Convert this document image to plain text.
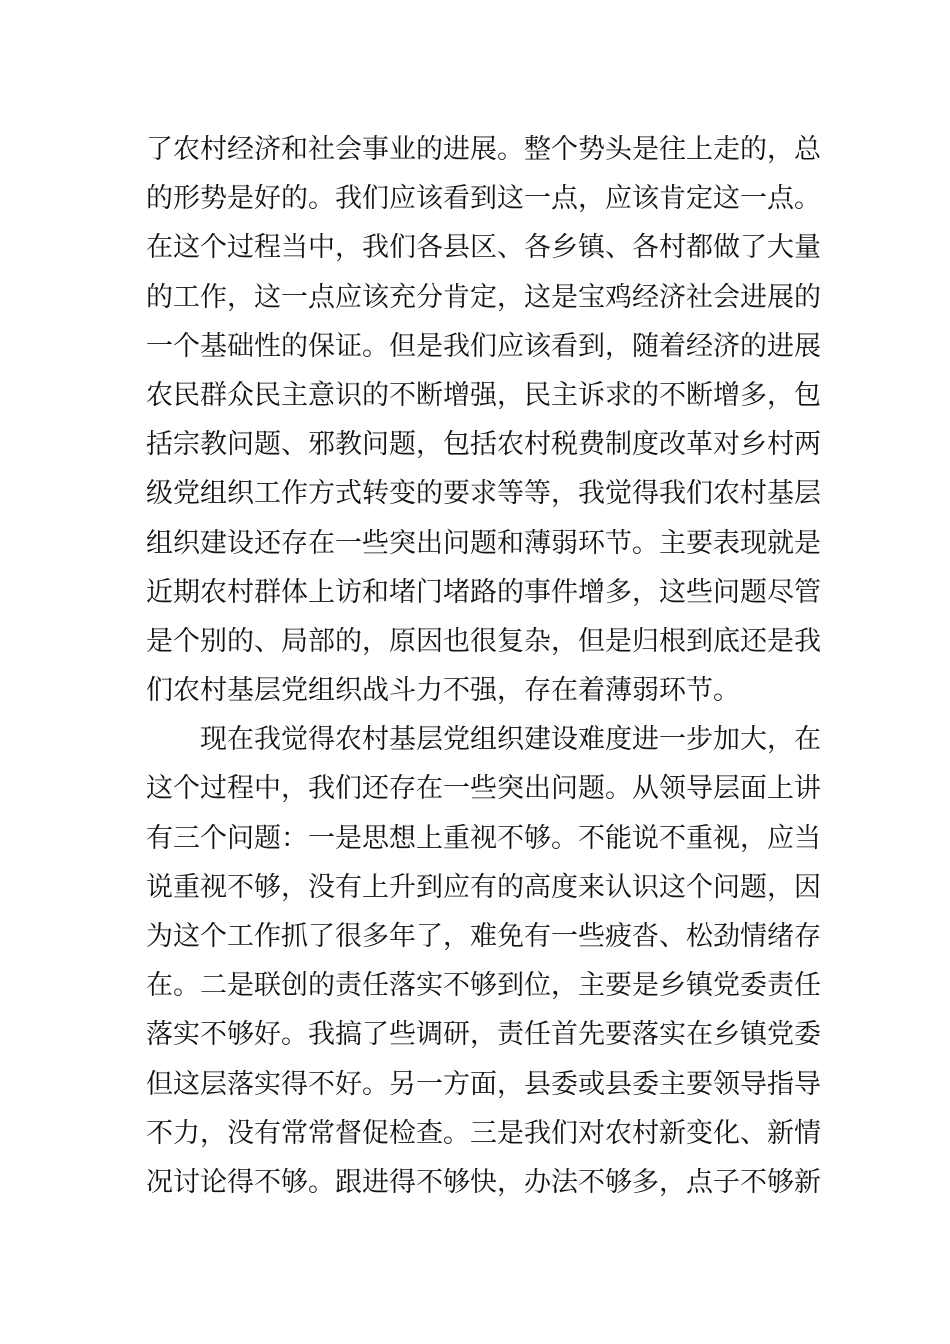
了农村经济和社会事业的进展。整个势头是往上走的，总
的形势是好的。我们应该看到这一点，应该肯定这一点。
在这个过程当中，我们各县区、各乡镇、各村都做了大量
的工作，这一点应该充分肯定，这是宝鸡经济社会进展的
一个基础性的保证。但是我们应该看到，随着经济的进展
农民群众民主意识的不断增强，民主诉求的不断增多，包
括宗教问题、邪教问题，包括农村税费制度改革对乡村两
级党组织工作方式转变的要求等等，我觉得我们农村基层
组织建设还存在一些突出问题和薄弱环节。主要表现就是
近期农村群体上访和堵门堵路的事件增多，这些问题尽管
是个别的、局部的，原因也很复杂，但是归根到底还是我
们农村基层党组织战斗力不强，存在着薄弱环节。
现在我觉得农村基层党组织建设难度进一步加大，在
这个过程中，我们还存在一些突出问题。从领导层面上讲
有三个问题：一是思想上重视不够。不能说不重视，应当
说重视不够，没有上升到应有的高度来认识这个问题，因
为这个工作抓了很多年了，难免有一些疲沓、松劲情绪存
在。二是联创的责任落实不够到位，主要是乡镇党委责任
落实不够好。我搞了些调研，责任首先要落实在乡镇党委
但这层落实得不好。另一方面，县委或县委主要领导指导
不力，没有常常督促检查。三是我们对农村新变化、新情
况讨论得不够。跟进得不够快，办法不够多，点子不够新
